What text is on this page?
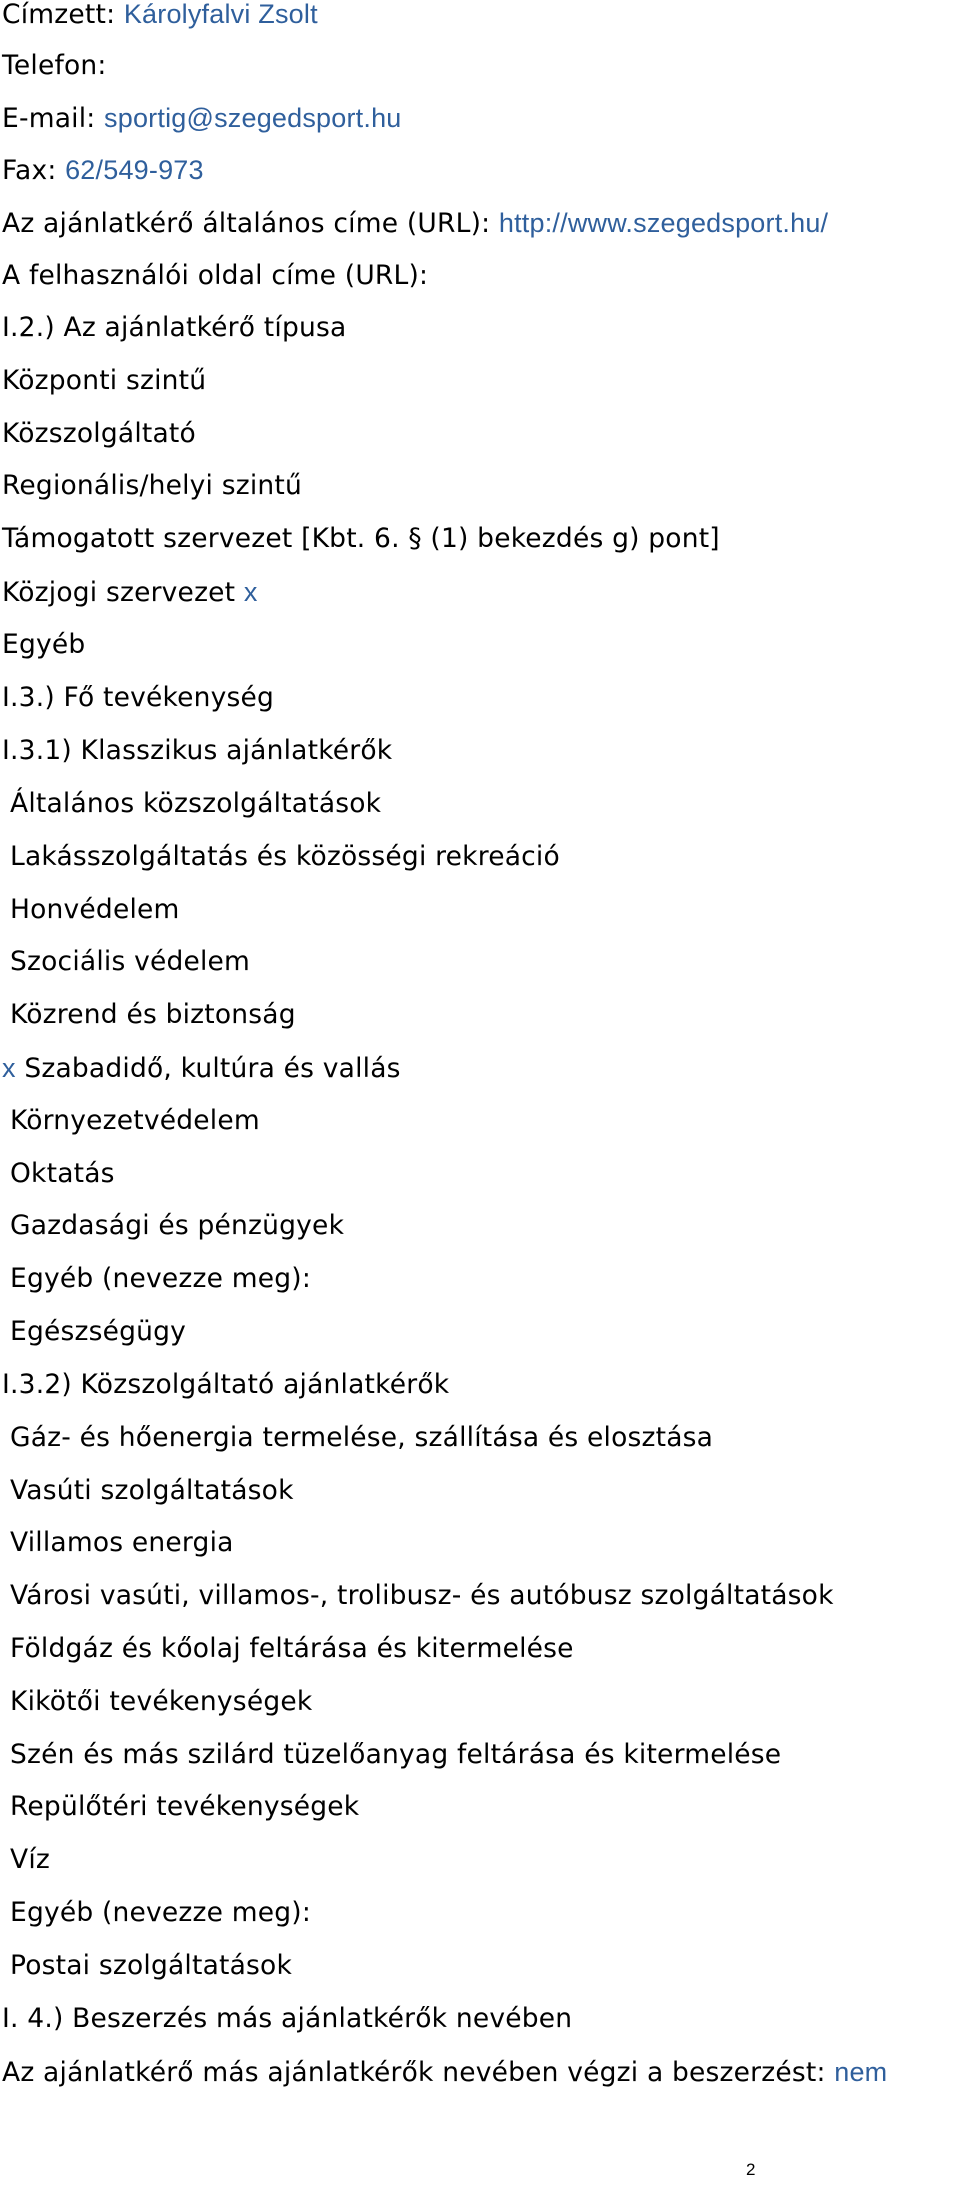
Címzett: Károlyfalvi Zsolt
Telefon:
E-mail: sportig@szegedsport.hu
Fax: 62/549-973
Az ajánlatkérő általános címe (URL): http://www.szegedsport.hu/
A felhasználói oldal címe (URL):
I.2.) Az ajánlatkérő típusa
Központi szintű
Közszolgáltató
Regionális/helyi szintű
Támogatott szervezet [Kbt. 6. § (1) bekezdés g) pont]
Közjogi szervezet x
Egyéb
I.3.) Fő tevékenység
I.3.1) Klasszikus ajánlatkérők
Általános közszolgáltatások
Lakásszolgáltatás és közösségi rekreáció
Honvédelem
Szociális védelem
Közrend és biztonság
x Szabadidő, kultúra és vallás
Környezetvédelem
Oktatás
Gazdasági és pénzügyek
Egyéb (nevezze meg):
Egészségügy
I.3.2) Közszolgáltató ajánlatkérők
Gáz- és hőenergia termelése, szállítása és elosztása
Vasúti szolgáltatások
Villamos energia
Városi vasúti, villamos-, trolibusz- és autóbusz szolgáltatások
Földgáz és kőolaj feltárása és kitermelése
Kikötői tevékenységek
Szén és más szilárd tüzelőanyag feltárása és kitermelése
Repülőtéri tevékenységek
Víz
Egyéb (nevezze meg):
Postai szolgáltatások
I. 4.) Beszerzés más ajánlatkérők nevében
Az ajánlatkérő más ajánlatkérők nevében végzi a beszerzést: nem
2
